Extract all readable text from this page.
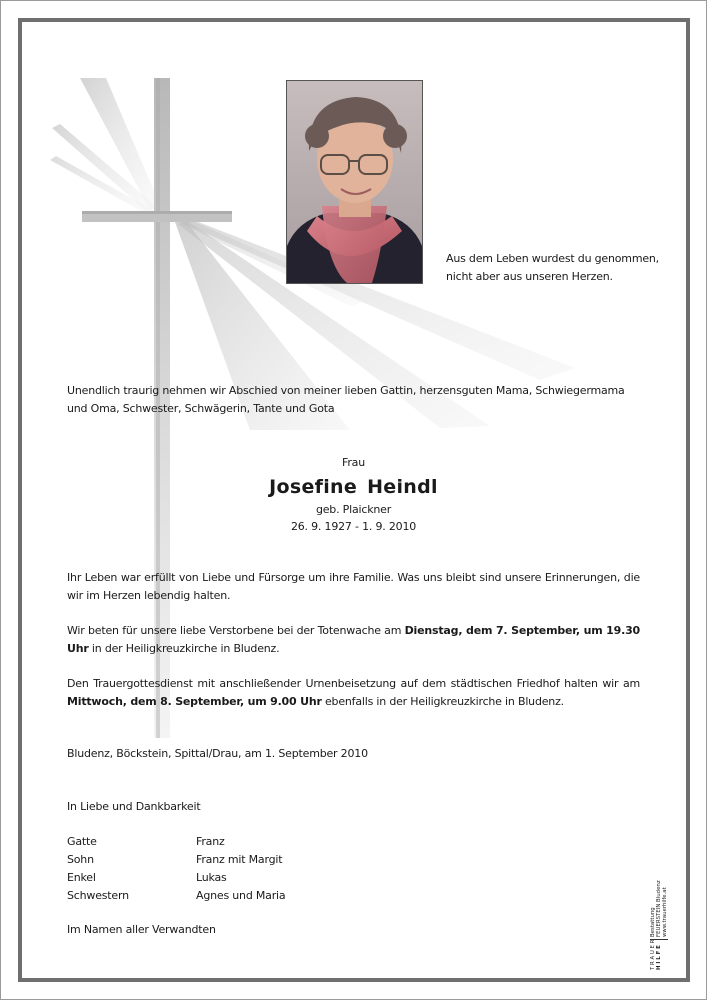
Aus dem Leben wurdest du genommen,
nicht aber aus unseren Herzen.
Unendlich traurig nehmen wir Abschied von meiner lieben Gattin, herzensguten Mama, Schwiegermama und Oma, Schwester, Schwägerin, Tante und Gota
Frau
Josefine Heindl
geb. Plaickner
26. 9. 1927 - 1. 9. 2010
Ihr Leben war erfüllt von Liebe und Fürsorge um ihre Familie. Was uns bleibt sind unsere Erinnerungen, die wir im Herzen lebendig halten.
Wir beten für unsere liebe Verstorbene bei der Totenwache am Dienstag, dem 7. September, um 19.30 Uhr in der Heiligkreuzkirche in Bludenz.
Den Trauergottesdienst mit anschließender Urnenbeisetzung auf dem städtischen Friedhof halten wir am Mittwoch, dem 8. September, um 9.00 Uhr ebenfalls in der Heiligkreuzkirche in Bludenz.
Bludenz, Böckstein, Spittal/Drau, am 1. September 2010
In Liebe und Dankbarkeit
Gatte	Franz
Sohn	Franz mit Margit
Enkel	Lukas
Schwestern	Agnes und Maria
Im Namen aller Verwandten
T R A U E R H I L F E
Bestattung FEUERSTEIN Bludenz www.trauerhilfe.at
